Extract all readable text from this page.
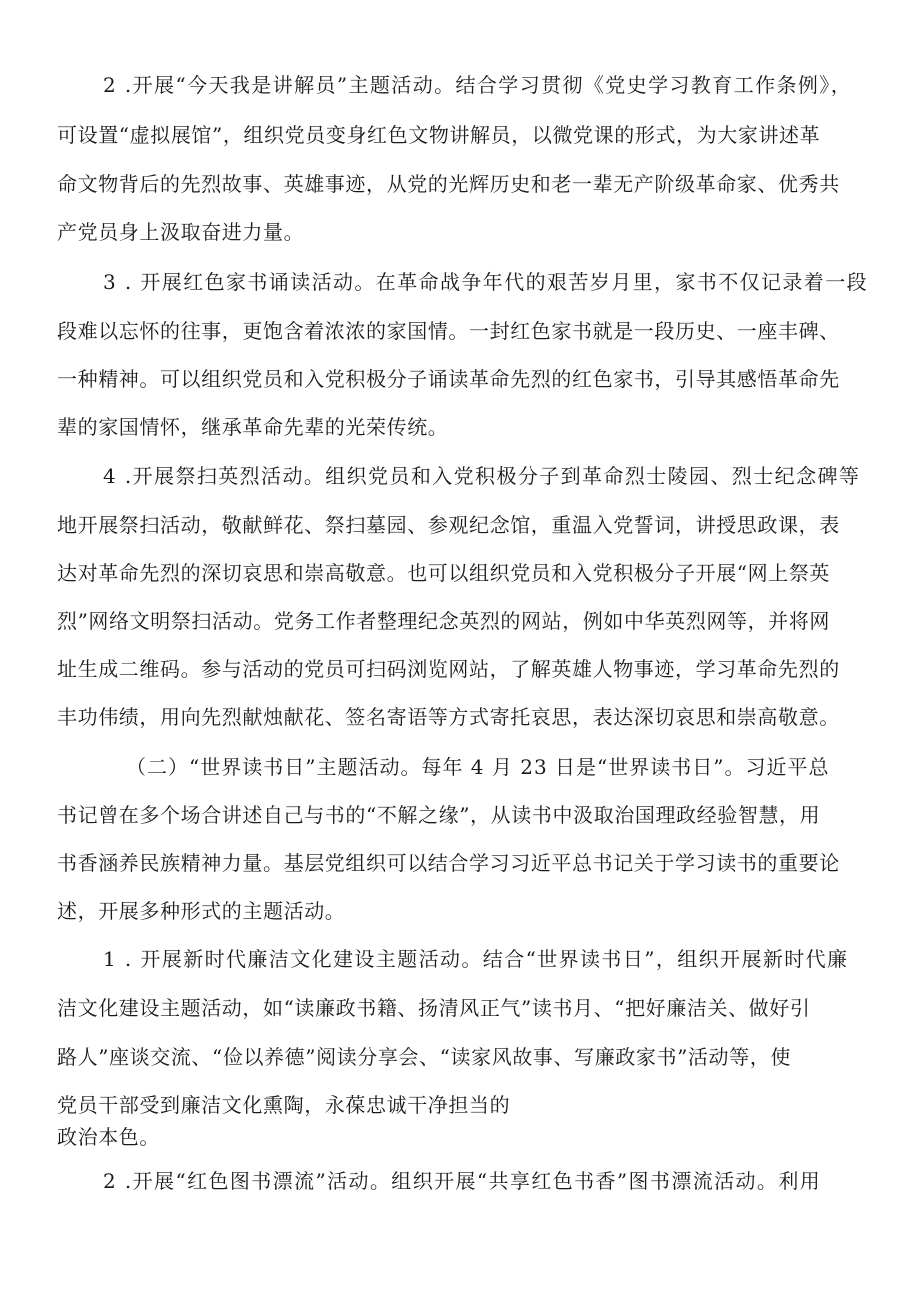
2 .开展“今天我是讲解员”主题活动。结合学习贯彻《党史学习教育工作条例》，
可设置“虚拟展馆”，组织党员变身红色文物讲解员，以微党课的形式，为大家讲述革
命文物背后的先烈故事、英雄事迹，从党的光辉历史和老一辈无产阶级革命家、优秀共
产党员身上汲取奋进力量。
3 . 开展红色家书诵读活动。在革命战争年代的艰苦岁月里，家书不仅记录着一段
段难以忘怀的往事，更饱含着浓浓的家国情。一封红色家书就是一段历史、一座丰碑、
一种精神。可以组织党员和入党积极分子诵读革命先烈的红色家书，引导其感悟革命先
辈的家国情怀，继承革命先辈的光荣传统。
4 .开展祭扫英烈活动。组织党员和入党积极分子到革命烈士陵园、烈士纪念碑等
地开展祭扫活动，敬献鲜花、祭扫墓园、参观纪念馆，重温入党誓词，讲授思政课，表
达对革命先烈的深切哀思和崇高敬意。也可以组织党员和入党积极分子开展“网上祭英
烈”网络文明祭扫活动。党务工作者整理纪念英烈的网站，例如中华英烈网等，并将网
址生成二维码。参与活动的党员可扫码浏览网站，了解英雄人物事迹，学习革命先烈的
丰功伟绩，用向先烈献烛献花、签名寄语等方式寄托哀思，表达深切哀思和崇高敬意。
（二）“世界读书日”主题活动。每年 4 月 23 日是“世界读书日”。习近平总
书记曾在多个场合讲述自己与书的“不解之缘”，从读书中汲取治国理政经验智慧，用
书香涵养民族精神力量。基层党组织可以结合学习习近平总书记关于学习读书的重要论
述，开展多种形式的主题活动。
1 . 开展新时代廉洁文化建设主题活动。结合“世界读书日”，组织开展新时代廉
洁文化建设主题活动，如“读廉政书籍、扬清风正气”读书月、“把好廉洁关、做好引
路人”座谈交流、“俭以养德”阅读分享会、“读家风故事、写廉政家书”活动等，使
党员干部受到廉洁文化熏陶，永葆忠诚干净担当的
政治本色。
2 .开展“红色图书漂流”活动。组织开展“共享红色书香”图书漂流活动。利用
